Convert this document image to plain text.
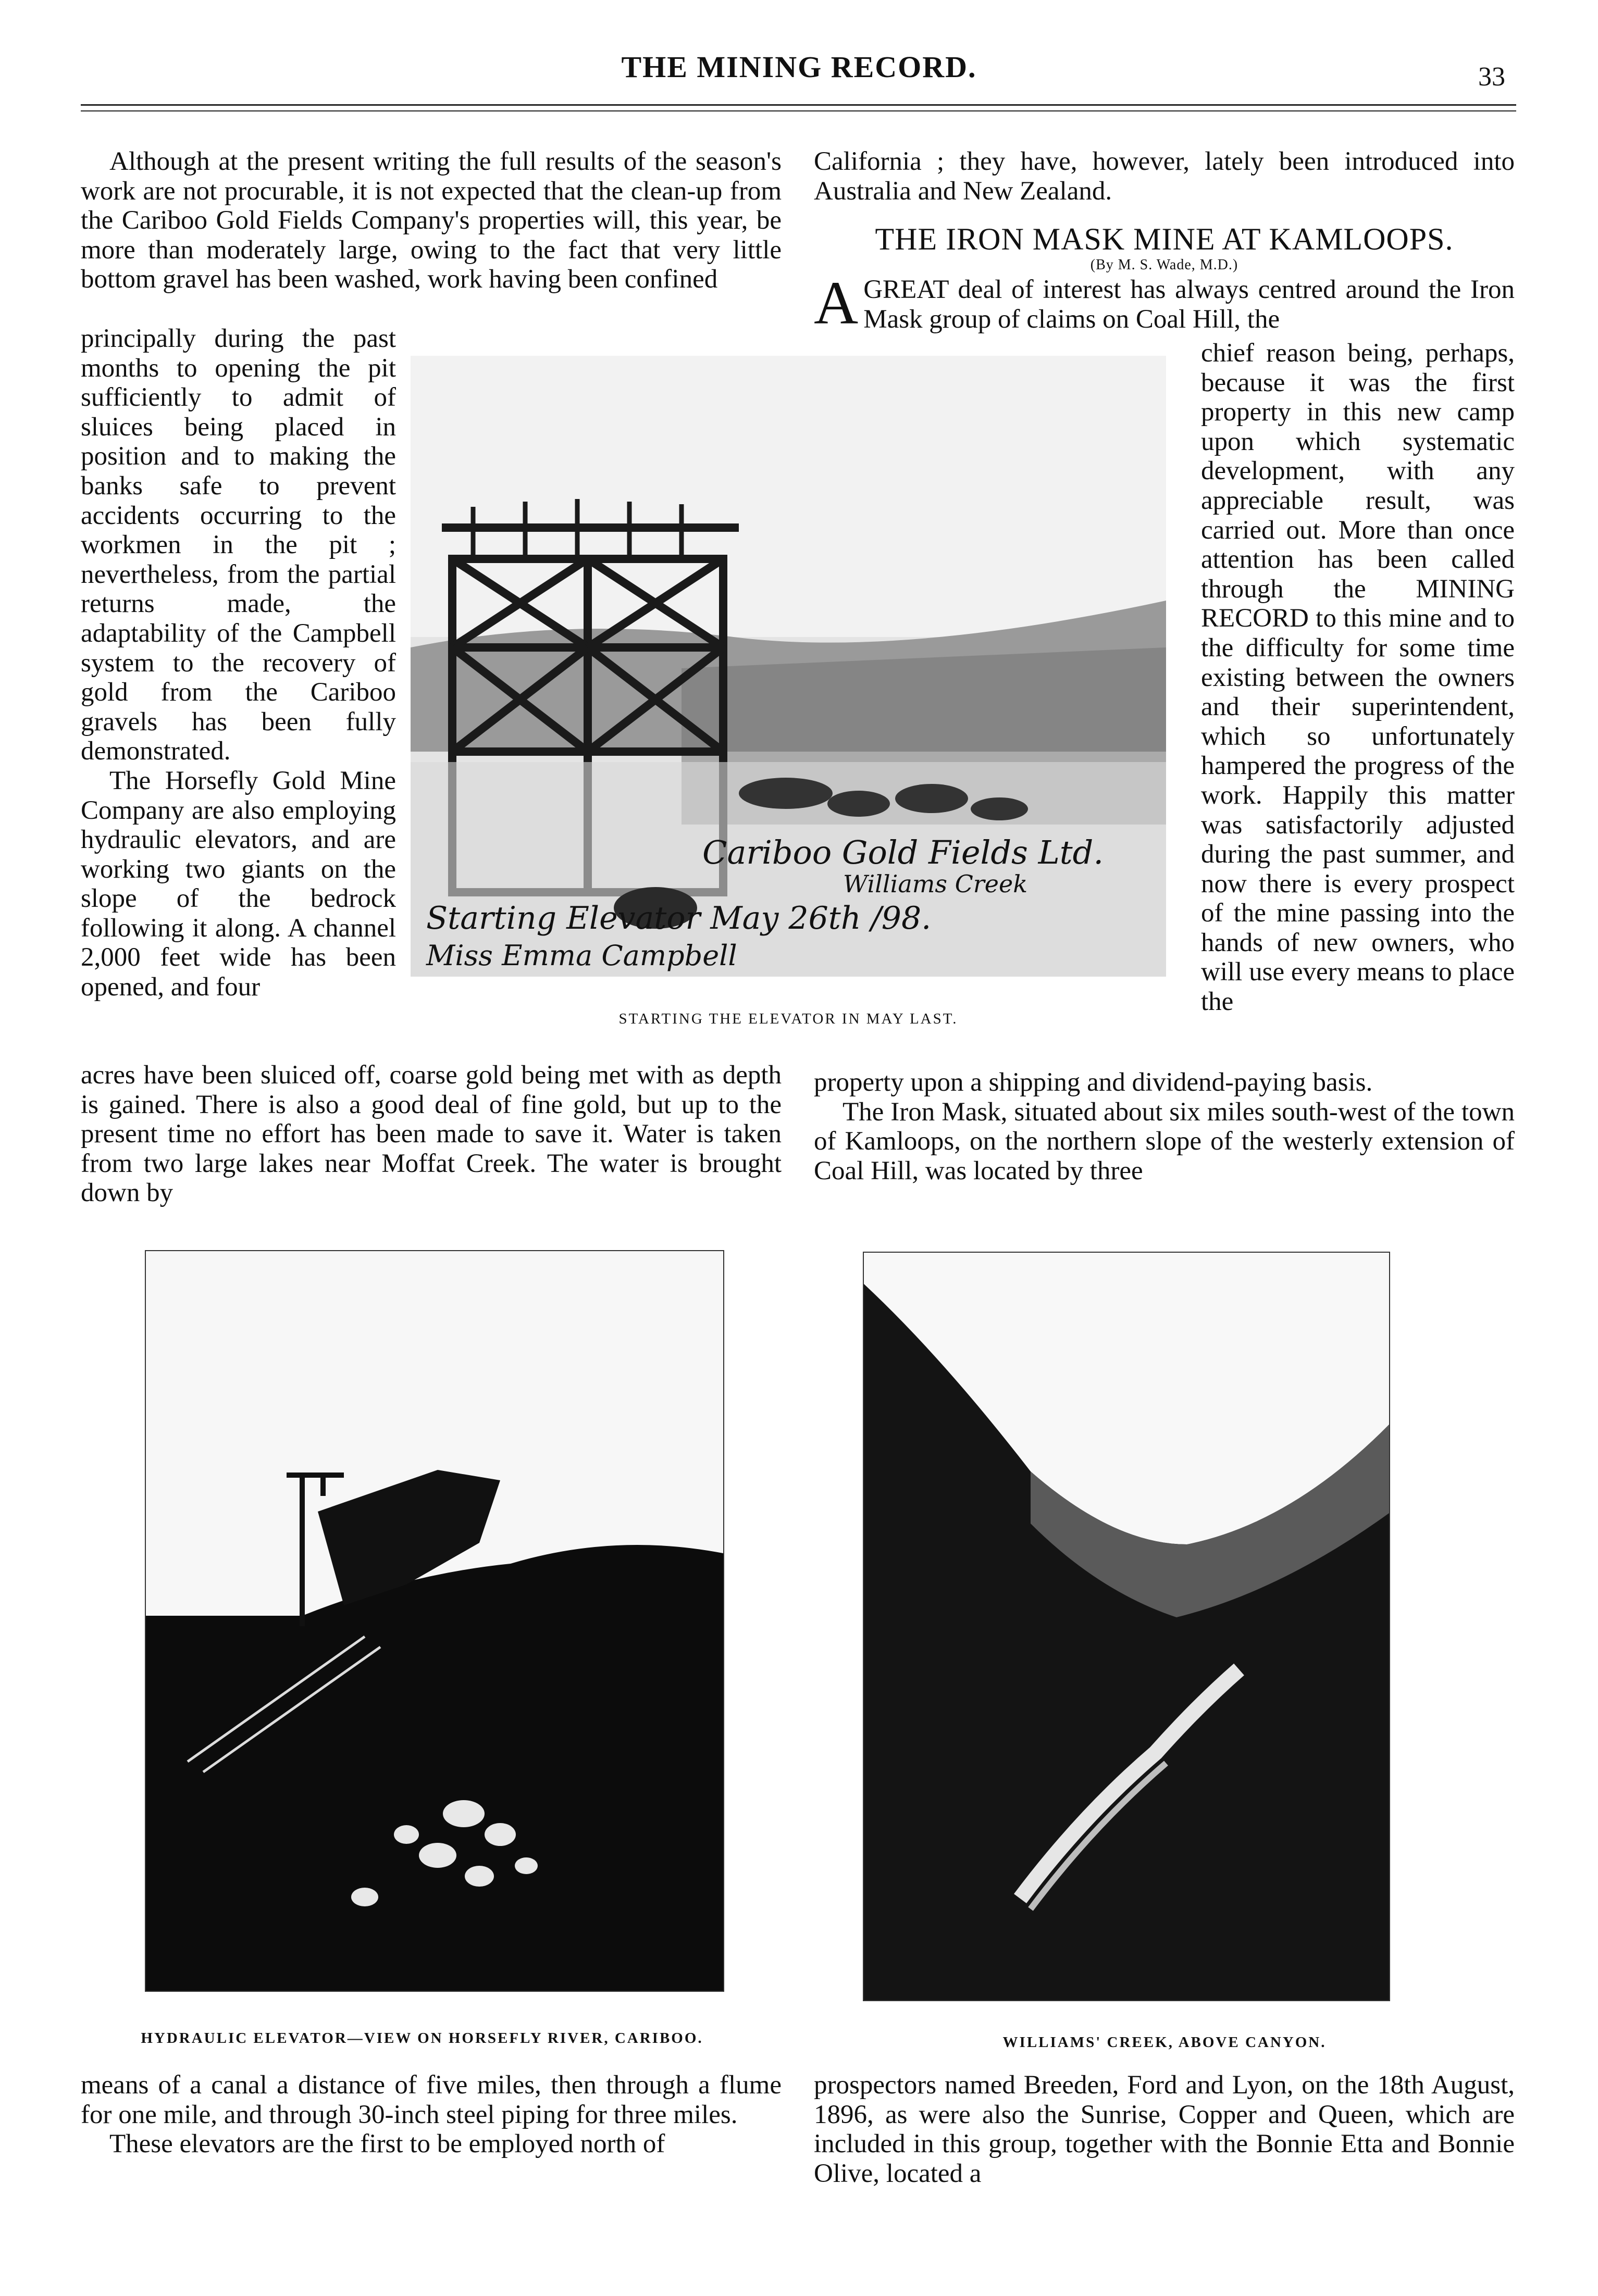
THE MINING RECORD.	33

Although at the present writing the full results of the season's work are not procurable, it is not expected that the clean-up from the Cariboo Gold Fields Company's properties will, this year, be more than moderately large, owing to the fact that very little bottom gravel has been washed, work having been confined

principally during the past months to opening the pit sufficiently to admit of sluices being placed in position and to making the banks safe to prevent accidents occurring to the workmen in the pit ; nevertheless, from the partial returns made, the adaptability of the Campbell system to the recovery of gold from the Cariboo gravels has been fully demonstrated.

The Horsefly Gold Mine Company are also employing hydraulic elevators, and are working two giants on the slope of the bedrock following it along. A channel 2,000 feet wide has been opened, and four

acres have been sluiced off, coarse gold being met with as depth is gained. There is also a good deal of fine gold, but up to the present time no effort has been made to save it. Water is taken from two large lakes near Moffat Creek. The water is brought down by

Cariboo Gold Fields Ltd.
Williams Creek
Starting Elevator May 26th /98.
Miss Emma Campbell
STARTING THE ELEVATOR IN MAY LAST.

California ; they have, however, lately been introduced into Australia and New Zealand.

THE IRON MASK MINE AT KAMLOOPS.
(By M. S. Wade, M.D.)
A GREAT deal of interest has always centred around the Iron Mask group of claims on Coal Hill, the

chief reason being, perhaps, because it was the first property in this new camp upon which systematic development, with any appreciable result, was carried out. More than once attention has been called through the MINING RECORD to this mine and to the difficulty for some time existing between the owners and their superintendent, which so unfortunately hampered the progress of the work. Happily this matter was satisfactorily adjusted during the past summer, and now there is every prospect of the mine passing into the hands of new owners, who will use every means to place the

property upon a shipping and dividend-paying basis.

The Iron Mask, situated about six miles south-west of the town of Kamloops, on the northern slope of the westerly extension of Coal Hill, was located by three

HYDRAULIC ELEVATOR—VIEW ON HORSEFLY RIVER, CARIBOO.	WILLIAMS' CREEK, ABOVE CANYON.

means of a canal a distance of five miles, then through a flume for one mile, and through 30-inch steel piping for three miles.

These elevators are the first to be employed north of

prospectors named Breeden, Ford and Lyon, on the 18th August, 1896, as were also the Sunrise, Copper and Queen, which are included in this group, together with the Bonnie Etta and Bonnie Olive, located a
